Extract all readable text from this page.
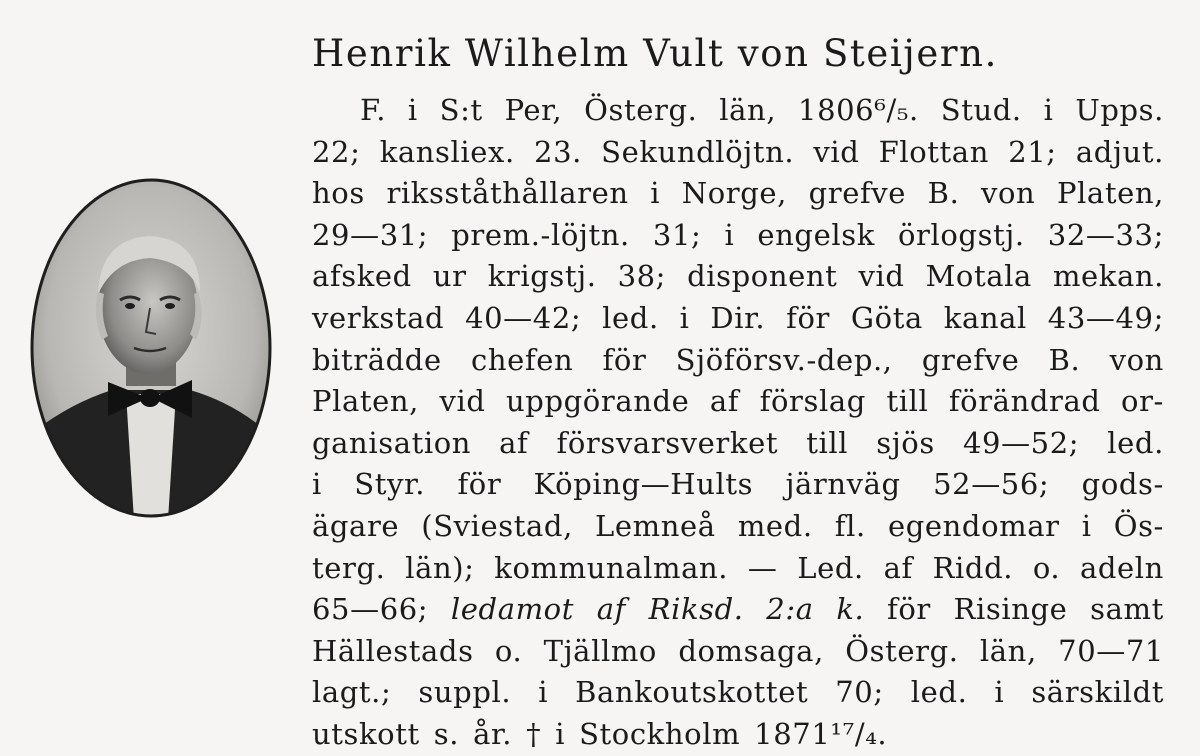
Henrik Wilhelm Vult von Steijern.
F. i S:t Per, Österg. län, 1806⁶/₅. Stud. i Upps.
22; kansliex. 23. Sekundlöjtn. vid Flottan 21; adjut.
hos riksståthållaren i Norge, grefve B. von Platen,
29—31; prem.-löjtn. 31; i engelsk örlogstj. 32—33;
afsked ur krigstj. 38; disponent vid Motala mekan.
verkstad 40—42; led. i Dir. för Göta kanal 43—49;
biträdde chefen för Sjöförsv.-dep., grefve B. von
Platen, vid uppgörande af förslag till förändrad or-
ganisation af försvarsverket till sjös 49—52; led.
i Styr. för Köping—Hults järnväg 52—56; gods-
ägare (Sviestad, Lemneå med. fl. egendomar i Ös-
terg. län); kommunalman. — Led. af Ridd. o. adeln
65—66; ledamot af Riksd. 2:a k. för Risinge samt
Hällestads o. Tjällmo domsaga, Österg. län, 70—71
lagt.; suppl. i Bankoutskottet 70; led. i särskildt
utskott s. år. † i Stockholm 1871¹⁷/₄.
